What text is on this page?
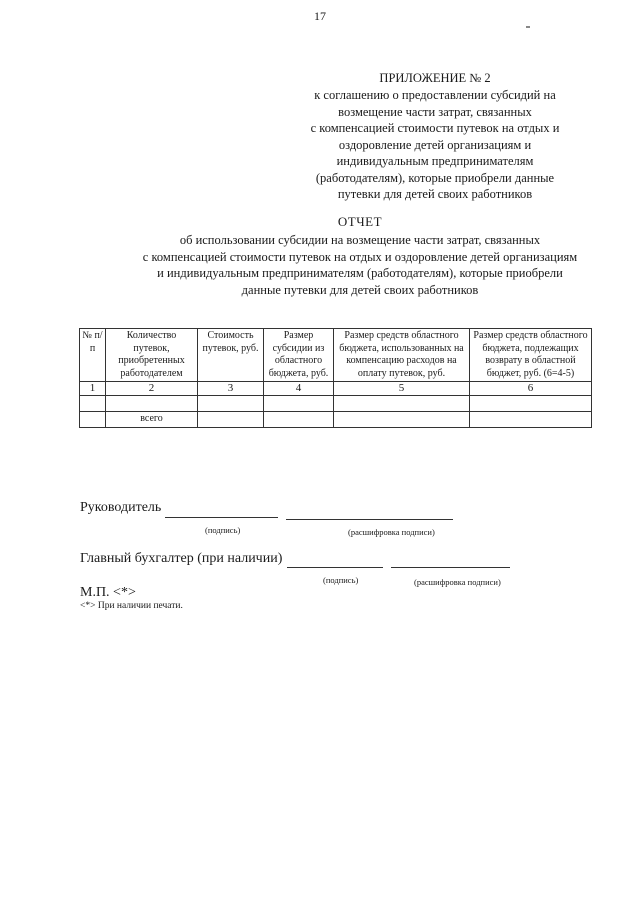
17
ПРИЛОЖЕНИЕ № 2
к соглашению о предоставлении субсидий на
возмещение части затрат, связанных
с компенсацией стоимости путевок на отдых и
оздоровление детей организациям и
индивидуальным предпринимателям
(работодателям), которые приобрели данные
путевки для детей своих работников
ОТЧЕТ
об использовании субсидии на возмещение части затрат, связанных
с компенсацией стоимости путевок на отдых и оздоровление детей организациям
и индивидуальным предпринимателям (работодателям), которые приобрели
данные путевки для детей своих работников
№ п/п	Количество путевок, приобретенных работодателем	Стоимость путевок, руб.	Размер субсидии из областного бюджета, руб.	Размер средств областного бюджета, использованных на компенсацию расходов на оплату путевок, руб.	Размер средств областного бюджета, подлежащих возврату в областной бюджет, руб. (6=4-5)
1	2	3	4	5	6

	всего				
Руководитель
(подпись)	(расшифровка подписи)
Главный бухгалтер (при наличии)
(подпись)	(расшифровка подписи)
М.П. <*>
<*> При наличии печати.
